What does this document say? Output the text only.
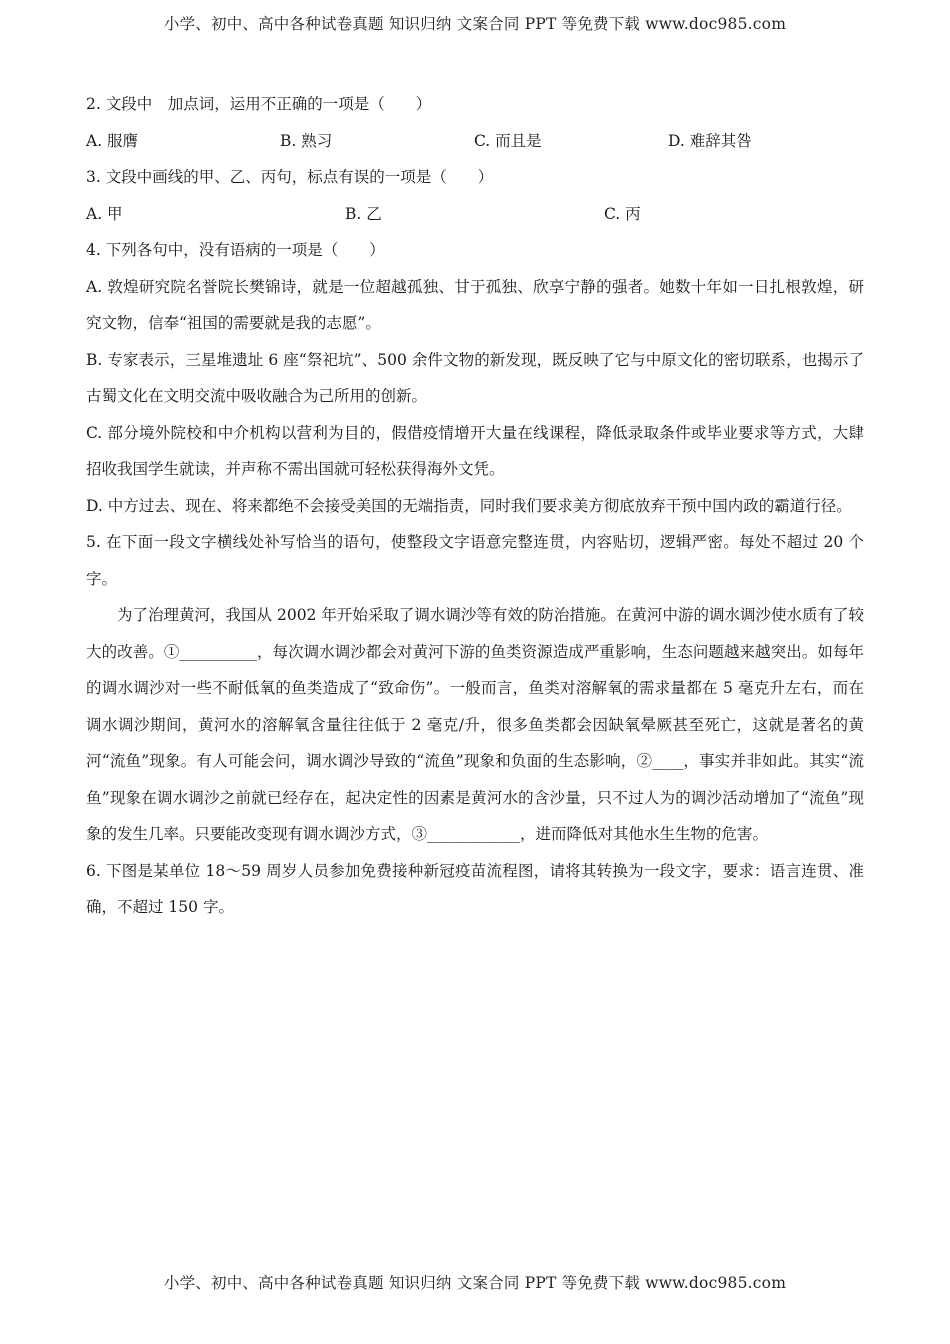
小学、初中、高中各种试卷真题 知识归纳 文案合同 PPT 等免费下载 www.doc985.com
2. 文段中　加点词，运用不正确的一项是（　　）
A. 服膺	B. 熟习	C. 而且是	D. 难辞其咎
3. 文段中画线的甲、乙、丙句，标点有误的一项是（　　）
A. 甲	B. 乙	C. 丙
4. 下列各句中，没有语病的一项是（　　）
A. 敦煌研究院名誉院长樊锦诗，就是一位超越孤独、甘于孤独、欣享宁静的强者。她数十年如一日扎根敦煌，研究文物，信奉“祖国的需要就是我的志愿”。
B. 专家表示，三星堆遗址 6 座“祭祀坑”、500 余件文物的新发现，既反映了它与中原文化的密切联系，也揭示了古蜀文化在文明交流中吸收融合为己所用的创新。
C. 部分境外院校和中介机构以营利为目的，假借疫情增开大量在线课程，降低录取条件或毕业要求等方式，大肆招收我国学生就读，并声称不需出国就可轻松获得海外文凭。
D. 中方过去、现在、将来都绝不会接受美国的无端指责，同时我们要求美方彻底放弃干预中国内政的霸道行径。
5. 在下面一段文字横线处补写恰当的语句，使整段文字语意完整连贯，内容贴切，逻辑严密。每处不超过 20 个字。
为了治理黄河，我国从 2002 年开始采取了调水调沙等有效的防治措施。在黄河中游的调水调沙使水质有了较大的改善。①__________，每次调水调沙都会对黄河下游的鱼类资源造成严重影响，生态问题越来越突出。如每年的调水调沙对一些不耐低氧的鱼类造成了“致命伤”。一般而言，鱼类对溶解氧的需求量都在 5 毫克升左右，而在调水调沙期间，黄河水的溶解氧含量往往低于 2 毫克/升，很多鱼类都会因缺氧晕厥甚至死亡，这就是著名的黄河“流鱼”现象。有人可能会问，调水调沙导致的“流鱼”现象和负面的生态影响，②____，事实并非如此。其实“流鱼”现象在调水调沙之前就已经存在，起决定性的因素是黄河水的含沙量，只不过人为的调沙活动增加了“流鱼”现象的发生几率。只要能改变现有调水调沙方式，③____________，进而降低对其他水生生物的危害。
6. 下图是某单位 18～59 周岁人员参加免费接种新冠疫苗流程图，请将其转换为一段文字，要求：语言连贯、准确，不超过 150 字。
小学、初中、高中各种试卷真题 知识归纳 文案合同 PPT 等免费下载 www.doc985.com
